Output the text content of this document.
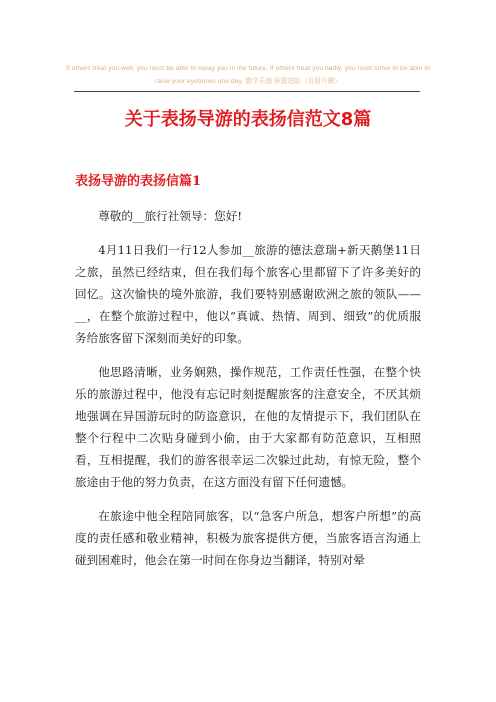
If others treat you well, you must be able to repay you in the future. If others treat you badly, you must strive to be able to raise your eyebrows one day. 勤学乐施 积极进取（页眉可删）
关于表扬导游的表扬信范文8篇
表扬导游的表扬信篇1

尊敬的__旅行社领导：您好!

4月11日我们一行12人参加__旅游的德法意瑞+新天鹅堡11日之旅，虽然已经结束，但在我们每个旅客心里都留下了许多美好的回忆。这次愉快的境外旅游，我们要特别感谢欧洲之旅的领队——__，在整个旅游过程中，他以“真诚、热情、周到、细致”的优质服务给旅客留下深刻而美好的印象。

他思路清晰，业务娴熟，操作规范，工作责任性强，在整个快乐的旅游过程中，他没有忘记时刻提醒旅客的注意安全，不厌其烦地强调在异国游玩时的防盗意识，在他的友情提示下，我们团队在整个行程中二次贴身碰到小偷，由于大家都有防范意识，互相照看，互相提醒，我们的游客很幸运二次躲过此劫，有惊无险，整个旅途由于他的努力负责，在这方面没有留下任何遗憾。

在旅途中他全程陪同旅客，以“急客户所急，想客户所想”的高度的责任感和敬业精神，积极为旅客提供方便，当旅客语言沟通上碰到困难时，他会在第一时间在你身边当翻译，特别对晕
